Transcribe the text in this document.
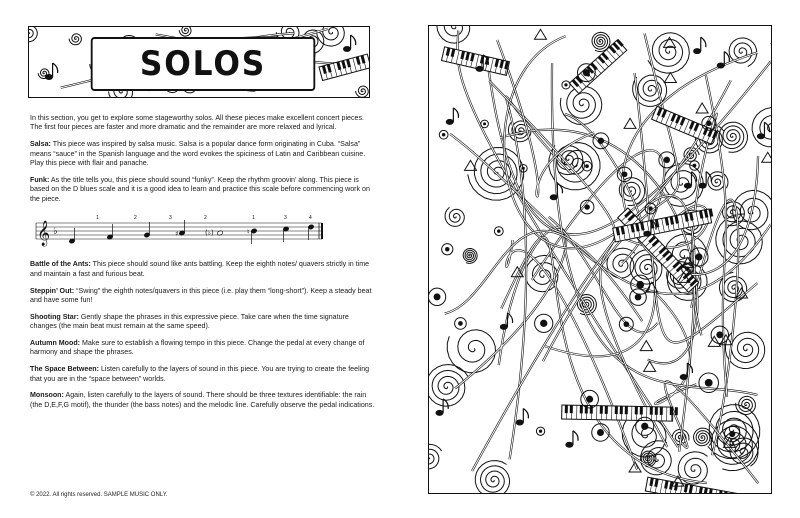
SOLOS

In this section, you get to explore some stageworthy solos. All these pieces make excellent concert pieces. The first four pieces are faster and more dramatic and the remainder are more relaxed and lyrical.

Salsa: This piece was inspired by salsa music. Salsa is a popular dance form originating in Cuba. “Salsa” means “sauce” in the Spanish language and the word evokes the spiciness of Latin and Caribbean cuisine. Play this piece with flair and panache.

Funk: As the title tells you, this piece should sound “funky”. Keep the rhythm groovin’ along. This piece is based on the D blues scale and it is a good idea to learn and practice this scale before commencing work on the piece.

𝄞 ♭	♯	(♭)	♮
1	2	3	2	1	3	4

Battle of the Ants: This piece should sound like ants battling. Keep the eighth notes/ quavers strictly in time and maintain a fast and furious beat.

Steppin’ Out: “Swing” the eighth notes/quavers in this piece (i.e. play them “long-short”). Keep a steady beat and have some fun!

Shooting Star: Gently shape the phrases in this expressive piece. Take care when the time signature changes (the main beat must remain at the same speed).

Autumn Mood: Make sure to establish a flowing tempo in this piece. Change the pedal at every change of harmony and shape the phrases.

The Space Between: Listen carefully to the layers of sound in this piece. You are trying to create the feeling that you are in the “space between” worlds.

Monsoon: Again, listen carefully to the layers of sound. There should be three textures identifiable: the rain (the D,E,F,G motif), the thunder (the bass notes) and the melodic line. Carefully observe the pedal indications.

© 2022. All rights reserved. SAMPLE MUSIC ONLY.
